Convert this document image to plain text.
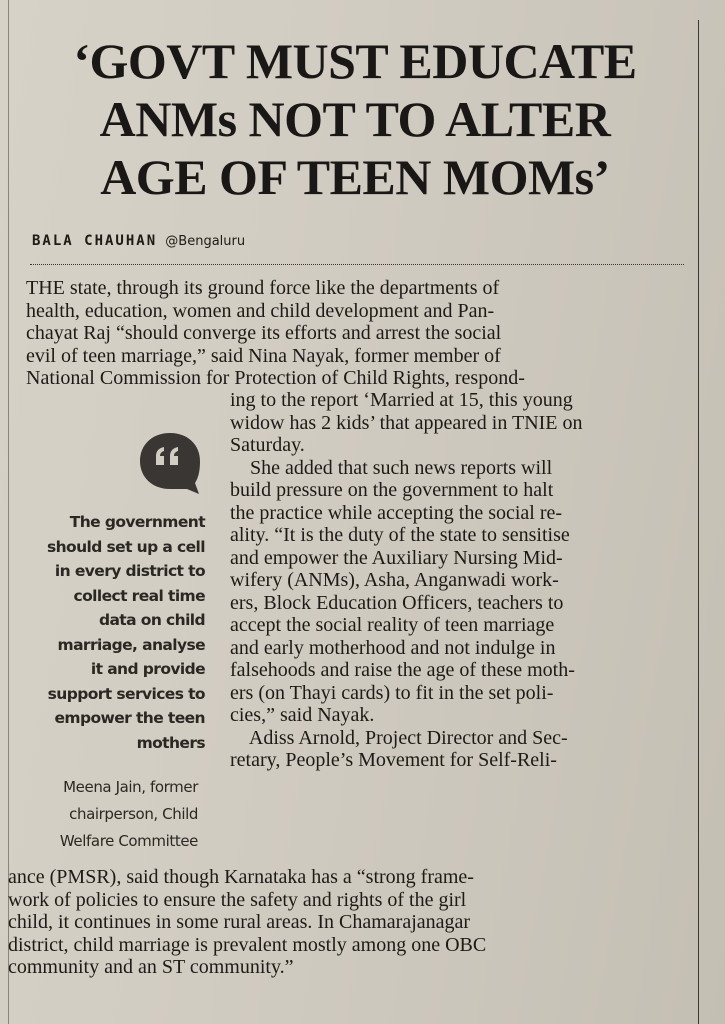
‘GOVT MUST EDUCATE
ANMs NOT TO ALTER
AGE OF TEEN MOMs’
BALA CHAUHAN @Bengaluru
THE state, through its ground force like the departments of
health, education, women and child development and Pan-
chayat Raj “should converge its efforts and arrest the social
evil of teen marriage,” said Nina Nayak, former member of
National Commission for Protection of Child Rights, respond-
ing to the report ‘Married at 15, this young
widow has 2 kids’ that appeared in TNIE on
Saturday.
She added that such news reports will
build pressure on the government to halt
the practice while accepting the social re-
ality. “It is the duty of the state to sensitise
and empower the Auxiliary Nursing Mid-
wifery (ANMs), Asha, Anganwadi work-
ers, Block Education Officers, teachers to
accept the social reality of teen marriage
and early motherhood and not indulge in
falsehoods and raise the age of these moth-
ers (on Thayi cards) to fit in the set poli-
cies,” said Nayak.
Adiss Arnold, Project Director and Sec-
retary, People’s Movement for Self-Reli-
The government
should set up a cell
in every district to
collect real time
data on child
marriage, analyse
it and provide
support services to
empower the teen
mothers
Meena Jain, former
chairperson, Child
Welfare Committee
ance (PMSR), said though Karnataka has a “strong frame-
work of policies to ensure the safety and rights of the girl
child, it continues in some rural areas. In Chamarajanagar
district, child marriage is prevalent mostly among one OBC
community and an ST community.”
